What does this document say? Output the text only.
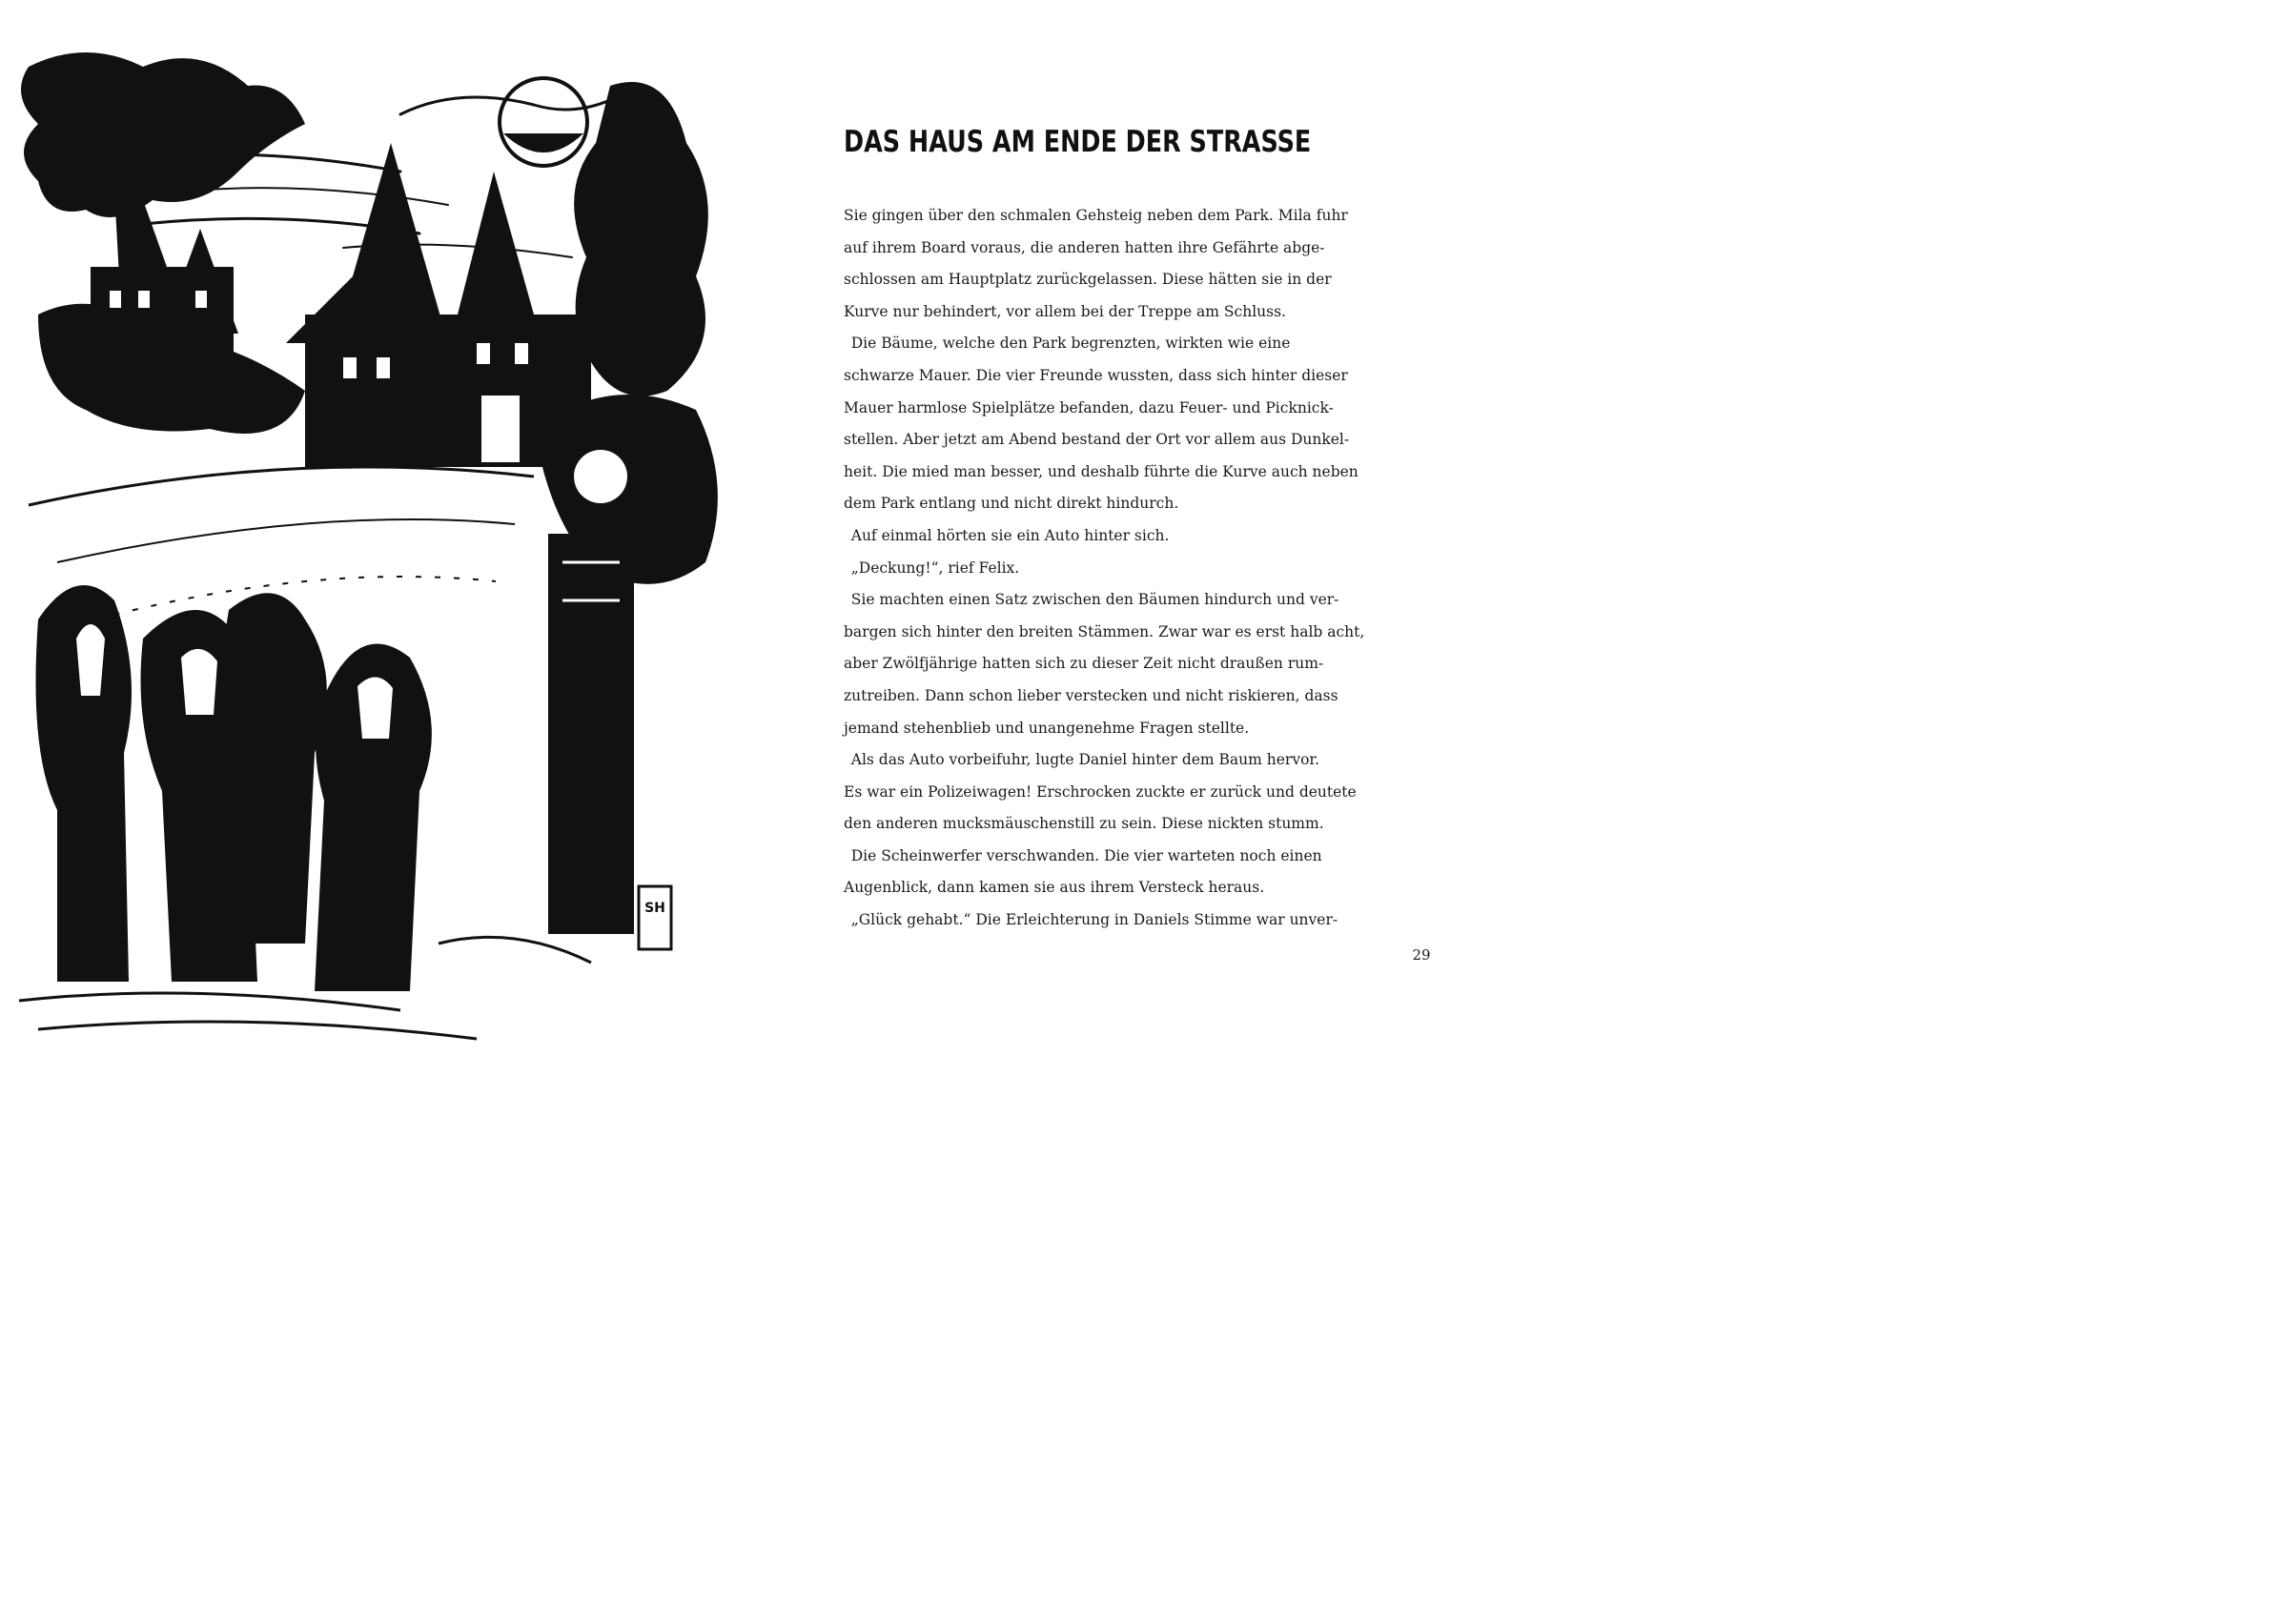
SH
DAS HAUS AM ENDE DER STRASSE
Sie gingen über den schmalen Gehsteig neben dem Park. Mila fuhr
auf ihrem Board voraus, die anderen hatten ihre Gefährte abge-
schlossen am Hauptplatz zurückgelassen. Diese hätten sie in der
Kurve nur behindert, vor allem bei der Treppe am Schluss.
 Die Bäume, welche den Park begrenzten, wirkten wie eine
schwarze Mauer. Die vier Freunde wussten, dass sich hinter dieser
Mauer harmlose Spielplätze befanden, dazu Feuer- und Picknick-
stellen. Aber jetzt am Abend bestand der Ort vor allem aus Dunkel-
heit. Die mied man besser, und deshalb führte die Kurve auch neben
dem Park entlang und nicht direkt hindurch.
 Auf einmal hörten sie ein Auto hinter sich.
 „Deckung!“, rief Felix.
 Sie machten einen Satz zwischen den Bäumen hindurch und ver-
bargen sich hinter den breiten Stämmen. Zwar war es erst halb acht,
aber Zwölfjährige hatten sich zu dieser Zeit nicht draußen rum-
zutreiben. Dann schon lieber verstecken und nicht riskieren, dass
jemand stehenblieb und unangenehme Fragen stellte.
 Als das Auto vorbeifuhr, lugte Daniel hinter dem Baum hervor.
Es war ein Polizeiwagen! Erschrocken zuckte er zurück und deutete
den anderen mucksmäuschenstill zu sein. Diese nickten stumm.
 Die Scheinwerfer verschwanden. Die vier warteten noch einen
Augenblick, dann kamen sie aus ihrem Versteck heraus.
 „Glück gehabt.“ Die Erleichterung in Daniels Stimme war unver-
29
